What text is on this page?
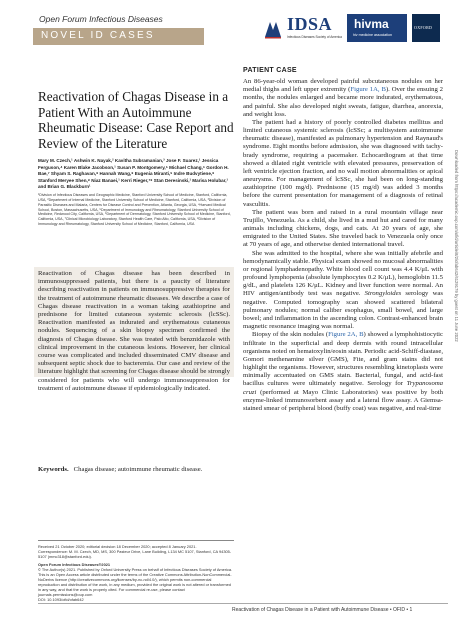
Open Forum Infectious Diseases
NOVEL ID CASES
IDSA
Infectious Diseases Society of America
hivma
hiv medicine association
OXFORD
Reactivation of Chagas Disease in a Patient With an Autoimmune Rheumatic Disease: Case Report and Review of the Literature
Mary M. Czech,¹ Ashwin K. Nayak,² Kavitha Subramanian,³ Jose F. Suarez,¹ Jessica Ferguson,⁴ Karen Blake Jacobson,¹ Susan P. Montgomery,⁵ Michael Chang,⁶ Gordon H. Bae,⁷ Shyam S. Raghavan,⁸ Hannah Wang,⁸ Eugenia Miranti,⁹ Indre Budvytiene,⁸ Stanford Meryee Shen,⁸ Niaz Banaei,¹ Kerri Rieger,⁷⁸ Stan Deresinski,¹ Marisa Holubar,¹ and Brian G. Blackburn¹
¹Division of Infectious Diseases and Geographic Medicine, Stanford University School of Medicine, Stanford, California, USA, ²Department of Internal Medicine, Stanford University School of Medicine, Stanford, California, USA, ³Division of Parasitic Diseases and Malaria, Centers for Disease Control and Prevention, Atlanta, Georgia, USA, ⁴Harvard Medical School, Boston, Massachusetts, USA, ⁵Department of Immunology and Rheumatology, Stanford University School of Medicine, Redwood City, California, USA, ⁶Department of Dermatology, Stanford University School of Medicine, Stanford, California, USA, ⁷Clinical Microbiology Laboratory, Stanford Health Care, Palo Alto, California, USA, ⁸Division of Immunology and Rheumatology, Stanford University School of Medicine, Stanford, California, USA
Reactivation of Chagas disease has been described in immunosuppressed patients, but there is a paucity of literature describing reactivation in patients on immunosuppressive therapies for the treatment of autoimmune rheumatic diseases. We describe a case of Chagas disease reactivation in a woman taking azathioprine and prednisone for limited cutaneous systemic sclerosis (lcSSc). Reactivation manifested as indurated and erythematous cutaneous nodules. Sequencing of a skin biopsy specimen confirmed the diagnosis of Chagas disease. She was treated with benznidazole with clinical improvement in the cutaneous lesions. However, her clinical course was complicated and included disseminated CMV disease and subsequent septic shock due to bacteremia. Our case and review of the literature highlight that screening for Chagas disease should be strongly considered for patients who will undergo immunosuppression for treatment of autoimmune disease if epidemiologically indicated.
Keywords. Chagas disease; autoimmune rheumatic disease.
Received 21 October 2020; editorial decision 18 December 2020; accepted 8 January 2021.
Correspondence: M. M. Czech, MD, MS, 300 Pasteur Drive, Lane Building, L134 MC 5107, Stanford, CA 94305-5107 (mmc318@stanford.edu).
Open Forum Infectious Diseases®2021
© The Author(s) 2021. Published by Oxford University Press on behalf of Infectious Diseases Society of America. This is an Open Access article distributed under the terms of the Creative Commons Attribution-NonCommercial-NoDerivs licence (http://creativecommons.org/licenses/by-nc-nd/4.0/), which permits non-commercial reproduction and distribution of the work, in any medium, provided the original work is not altered or transformed in any way, and that the work is properly cited. For commercial re-use, please contact journals.permissions@oup.com
DOI: 10.1093/ofid/ofab642
PATIENT CASE

An 86-year-old woman developed painful subcutaneous nodules on her medial thighs and left upper extremity (Figure 1A, B). Over the ensuing 2 months, the nodules enlarged and became more indurated, erythematous, and painful. She also developed night sweats, fatigue, diarrhea, anorexia, and weight loss.

The patient had a history of poorly controlled diabetes mellitus and limited cutaneous systemic sclerosis (lcSSc; a multisystem autoimmune rheumatic disease), manifested as pulmonary hypertension and Raynaud's syndrome. Eight months before admission, she was diagnosed with tachy-brady syndrome, requiring a pacemaker. Echocardiogram at that time showed a dilated right ventricle with elevated pressures, preservation of left ventricle ejection fraction, and no wall motion abnormalities or apical aneurysms. For management of lcSSc, she had been on long-standing azathioprine (100 mg/d). Prednisone (15 mg/d) was added 3 months before the current presentation for management of a diagnosis of retinal vasculitis.

The patient was born and raised in a rural mountain village near Trujillo, Venezuela. As a child, she lived in a mud hut and cared for many animals including chickens, dogs, and cats. At 20 years of age, she emigrated to the United States. She traveled back to Venezuela only once at 70 years of age, and otherwise denied international travel.

She was admitted to the hospital, where she was initially afebrile and hemodynamically stable. Physical exam showed no mucosal abnormalities or regional lymphadenopathy. White blood cell count was 4.4 K/μL with profound lymphopenia (absolute lymphocytes 0.2 K/μL), hemoglobin 11.5 g/dL, and platelets 126 K/μL. Kidney and liver function were normal. An HIV antigen/antibody test was negative. Strongyloides serology was negative. Computed tomography scan showed scattered bilateral pulmonary nodules; normal caliber esophagus, small bowel, and large bowel; and inflammation in the ascending colon. Contrast-enhanced brain magnetic resonance imaging was normal.

Biopsy of the skin nodules (Figure 2A, B) showed a lymphohistiocytic infiltrate in the superficial and deep dermis with round intracellular organisms noted on hematoxylin/eosin stain. Periodic acid-Schiff-diastase, Gomori methenamine silver (GMS), Fite, and gram stains did not highlight the organisms. However, structures resembling kinetoplasts were minimally accentuated on GMS stain. Bacterial, fungal, and acid-fast bacillus cultures were ultimately negative. Serology for Trypanosoma cruzi (performed at Mayo Clinic Laboratories) was positive by both enzyme-linked immunosorbent assay and a lateral flow assay. A Giemsa-stained smear of peripheral blood (buffy coat) was negative, and real-time

Downloaded from https://academic.oup.com/ofid/article/8/2/ofab642/6129179 by guest on 11 June 2022
Reactivation of Chagas Disease in a Patient with Autoimmune Disease • OFID • 1
